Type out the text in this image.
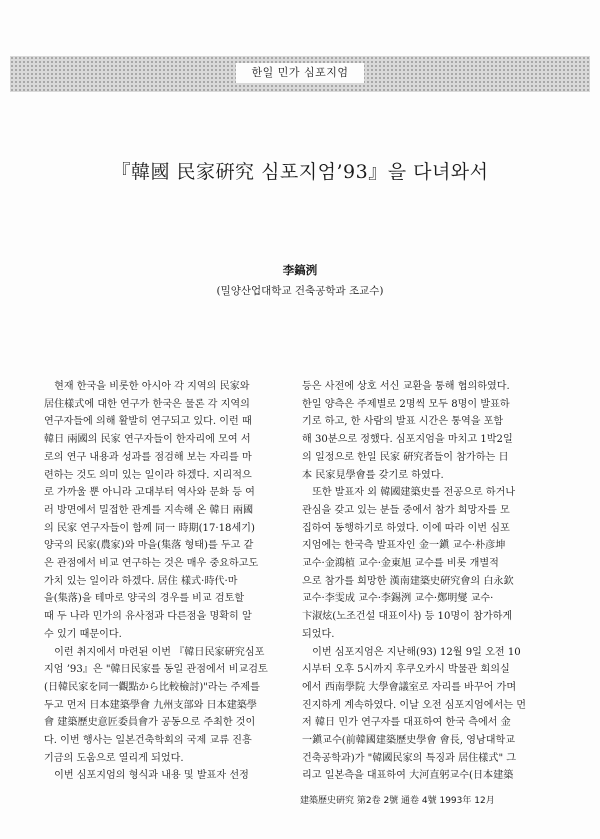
한일 민가 심포지엄
『韓國 民家硏究 심포지엄’93』을 다녀와서
李鎬洌
(밀양산업대학교 건축공학과 조교수)
　현재 한국을 비롯한 아시아 각 지역의 民家와
居住樣式에 대한 연구가 한국은 물론 각 지역의
연구자들에 의해 활발히 연구되고 있다. 이런 때
韓日 兩國의 民家 연구자들이 한자리에 모여 서
로의 연구 내용과 성과를 점검해 보는 자리를 마
련하는 것도 의미 있는 일이라 하겠다. 지리적으
로 가까울 뿐 아니라 고대부터 역사와 문화 등 여
러 방면에서 밀접한 관계를 지속해 온 韓日 兩國
의 民家 연구자들이 함께 同一 時期(17·18세기)
양국의 民家(農家)와 마을(集落 형태)를 두고 같
은 관점에서 비교 연구하는 것은 매우 중요하고도
가치 있는 일이라 하겠다. 居住 樣式·時代·마
을(集落)을 테마로 양국의 경우를 비교 검토할
때 두 나라 민가의 유사점과 다른점을 명확히 알
수 있기 때문이다.
　이런 취지에서 마련된 이번 『韓日民家硏究심포
지엄 ’93』은 "韓日民家를 동일 관점에서 비교검토
(日韓民家を同一觀點から比較檢討)"라는 주제를
두고 먼저 日本建築學會 九州支部와 日本建築學
會 建築歷史意匠委員會가 공동으로 주최한 것이
다. 이번 행사는 일본건축학회의 국제 교류 진흥
기금의 도움으로 열리게 되었다.
　이번 심포지엄의 형식과 내용 및 발표자 선정
등은 사전에 상호 서신 교환을 통해 협의하였다.
한일 양측은 주제별로 2명씩 모두 8명이 발표하
기로 하고, 한 사람의 발표 시간은 통역을 포함
해 30분으로 정했다. 심포지엄을 마치고 1박2일
의 일정으로 한일 民家 硏究者들이 참가하는 日
本 民家見學會를 갖기로 하였다.
　또한 발표자 외 韓國建築史를 전공으로 하거나
관심을 갖고 있는 분들 중에서 참가 희망자를 모
집하여 동행하기로 하였다. 이에 따라 이번 심포
지엄에는 한국측 발표자인 金一鎭 교수·朴彦坤
교수·金鴻植 교수·金東旭 교수를 비롯 개별적
으로 참가를 희망한 漢南建築史硏究會의 白永欽
교수·李雯成 교수·李錫洌 교수·鄭明燮 교수·
卞淑炫(노조건설 대표이사) 등 10명이 참가하게
되었다.
　이번 심포지엄은 지난해(93) 12월 9일 오전 10
시부터 오후 5시까지 후쿠오카시 박물관 회의실
에서 西南學院 大學會議室로 자리를 바꾸어 가며
진지하게 계속하였다. 이날 오전 심포지엄에서는 먼
저 韓日 민가 연구자를 대표하여 한국 측에서 金
一鎭교수(前韓國建築歷史學會 會長, 영남대학교
건축공학과)가 "韓國民家의 특징과 居住樣式" 그
리고 일본측을 대표하여 大河直躬교수(日本建築
建築歷史硏究 第2卷 2號 通卷 4號 1993年 12月
